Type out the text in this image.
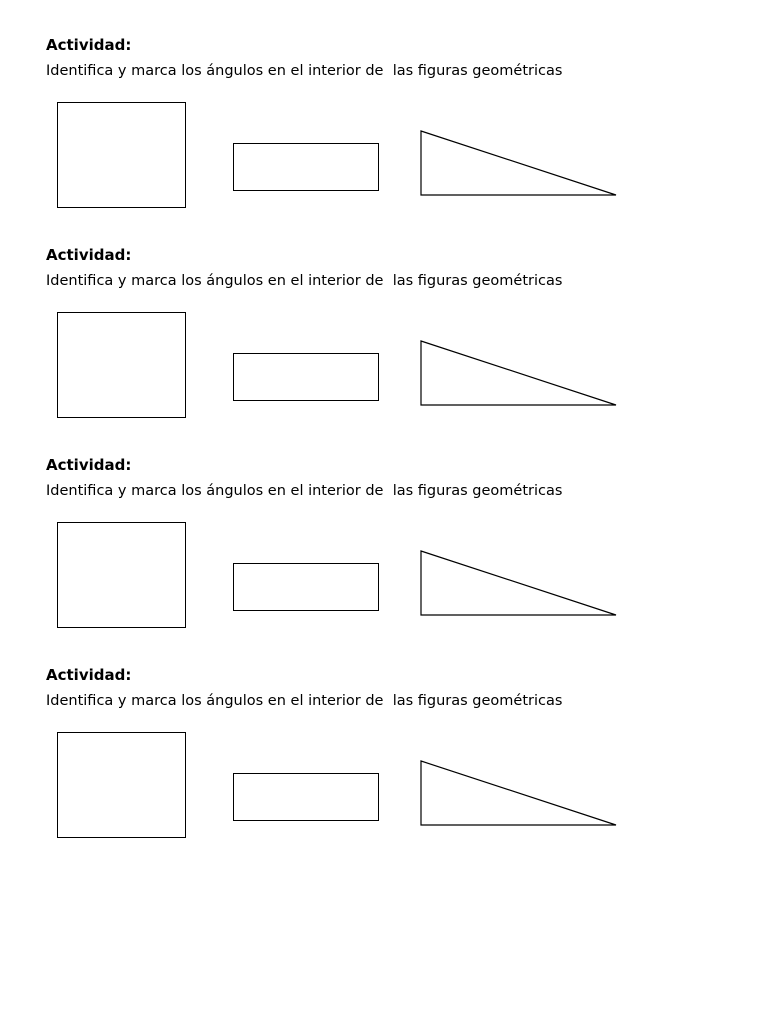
Actividad:

Identifica y marca los ángulos en el interior de  las figuras geométricas

Actividad:

Identifica y marca los ángulos en el interior de  las figuras geométricas

Actividad:

Identifica y marca los ángulos en el interior de  las figuras geométricas

Actividad:

Identifica y marca los ángulos en el interior de  las figuras geométricas
